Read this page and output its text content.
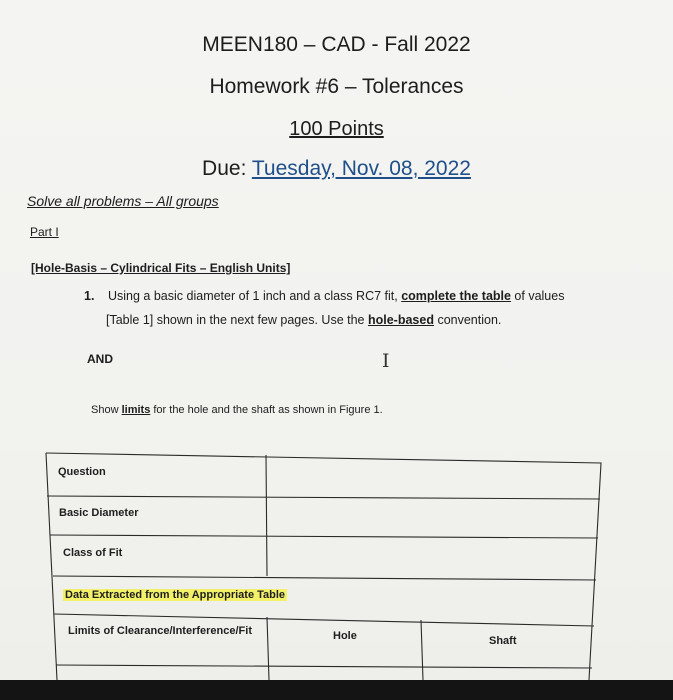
MEEN180 – CAD - Fall 2022
Homework #6 – Tolerances
100 Points
Due: Tuesday, Nov. 08, 2022
Solve all problems – All groups
Part I
[Hole-Basis – Cylindrical Fits – English Units]
1. Using a basic diameter of 1 inch and a class RC7 fit, complete the table of values
[Table 1] shown in the next few pages. Use the hole-based convention.
AND	I
Show limits for the hole and the shaft as shown in Figure 1.
Question
Basic Diameter
Class of Fit
Data Extracted from the Appropriate Table
Limits of Clearance/Interference/Fit	Hole	Shaft
